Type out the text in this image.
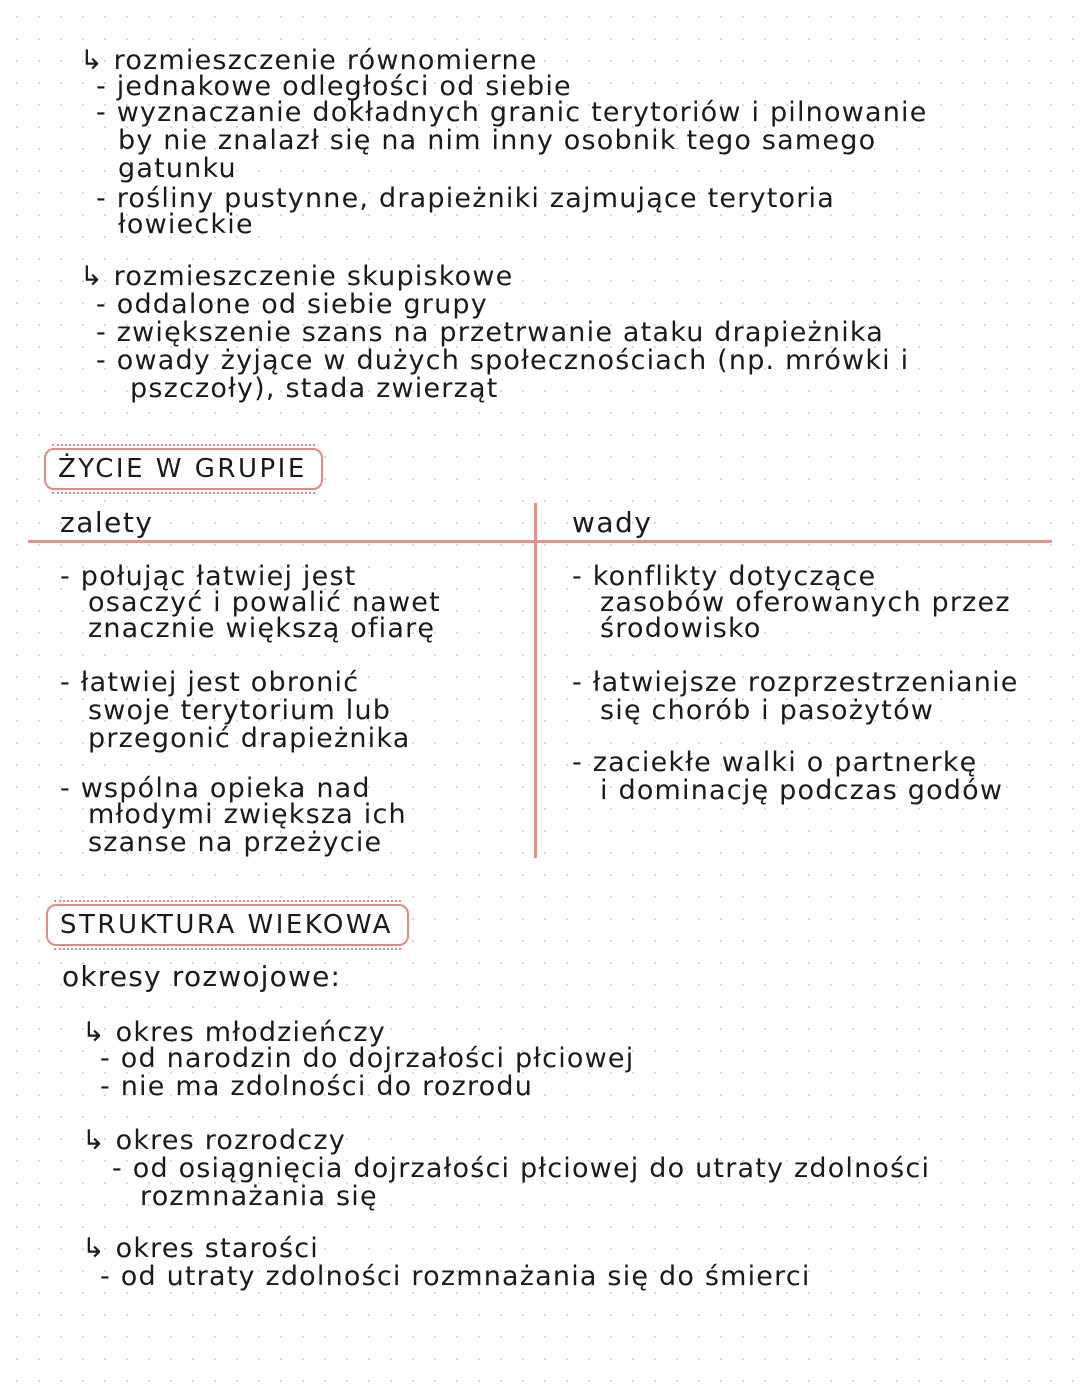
↳ rozmieszczenie równomierne
- jednakowe odległości od siebie
- wyznaczanie dokładnych granic terytoriów i pilnowanie
by nie znalazł się na nim inny osobnik tego samego
gatunku
- rośliny pustynne, drapieżniki zajmujące terytoria
łowieckie
↳ rozmieszczenie skupiskowe
- oddalone od siebie grupy
- zwiększenie szans na przetrwanie ataku drapieżnika
- owady żyjące w dużych społecznościach (np. mrówki i
pszczoły), stada zwierząt
ŻYCIE W GRUPIE
zalety	wady
- połując łatwiej jest
osaczyć i powalić nawet
znacznie większą ofiarę
- łatwiej jest obronić
swoje terytorium lub
przegonić drapieżnika
- wspólna opieka nad
młodymi zwiększa ich
szanse na przeżycie
- konflikty dotyczące
zasobów oferowanych przez
środowisko
- łatwiejsze rozprzestrzenianie
się chorób i pasożytów
- zaciekłe walki o partnerkę
i dominację podczas godów
STRUKTURA WIEKOWA
okresy rozwojowe:
↳ okres młodzieńczy
- od narodzin do dojrzałości płciowej
- nie ma zdolności do rozrodu
↳ okres rozrodczy
- od osiągnięcia dojrzałości płciowej do utraty zdolności
rozmnażania się
↳ okres starości
- od utraty zdolności rozmnażania się do śmierci
